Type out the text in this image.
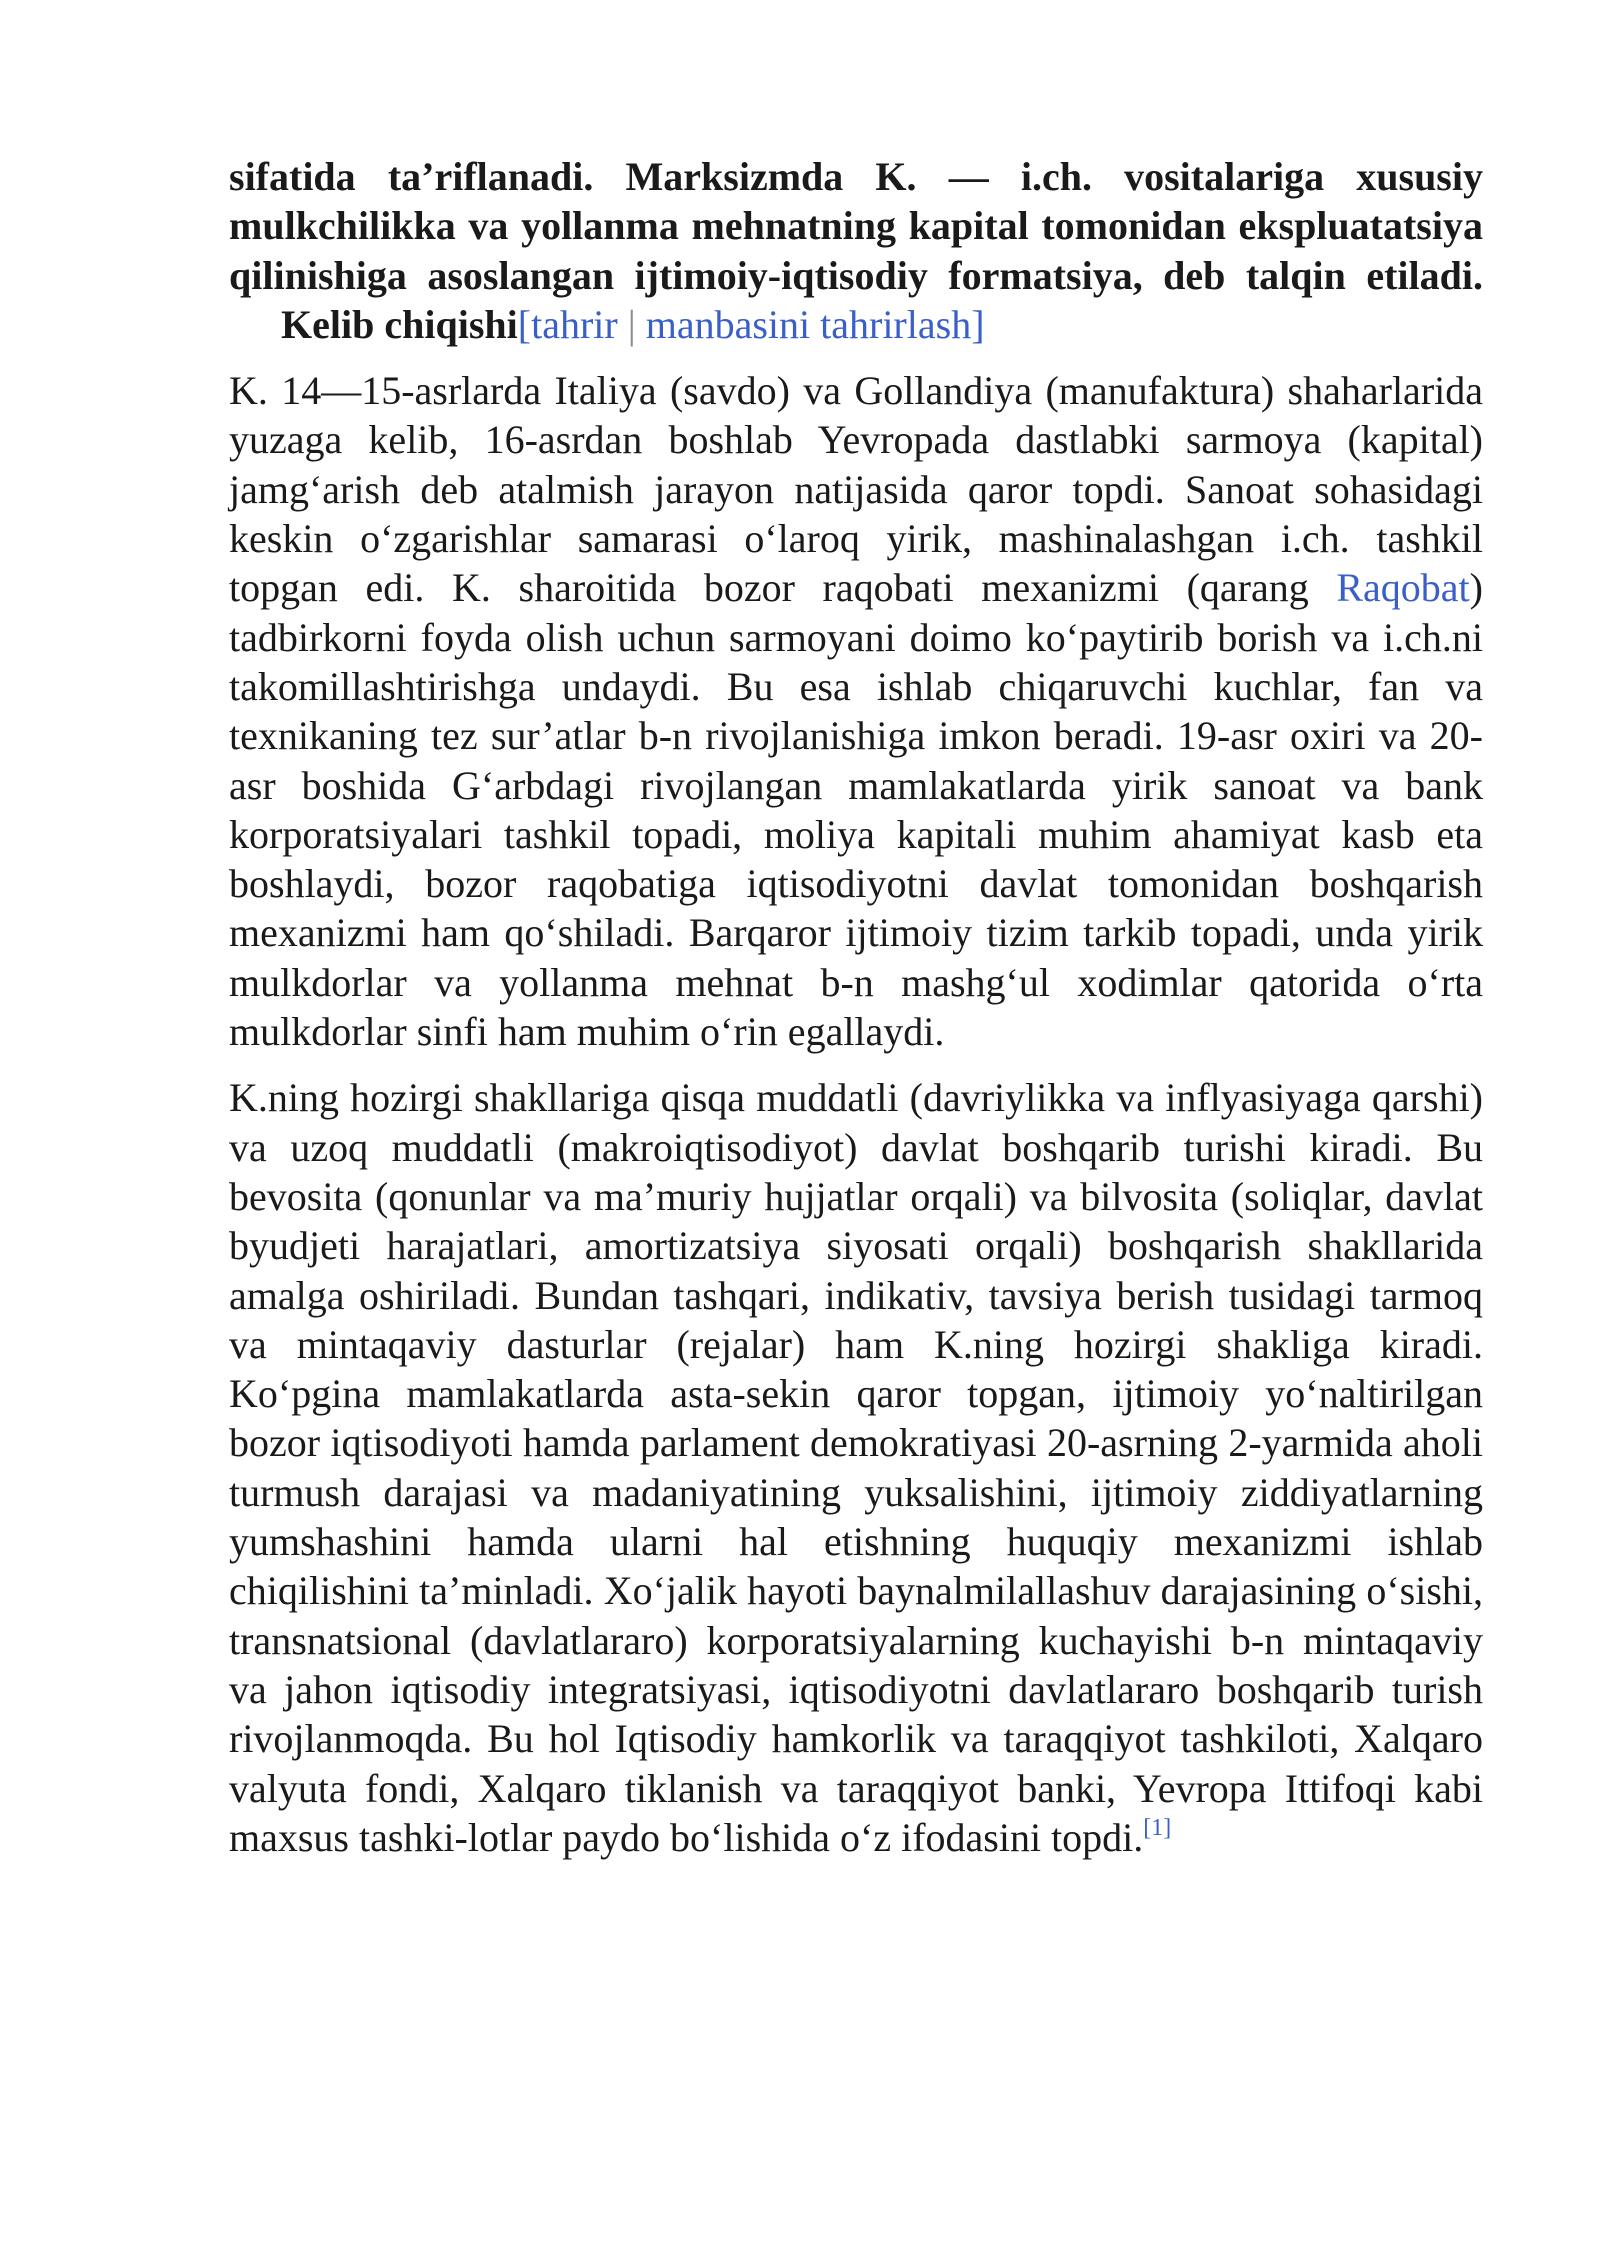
sifatida ta’riflanadi. Marksizmda K. — i.ch. vositalariga xususiy mulkchilikka va yollanma mehnatning kapital tomonidan ekspluatatsiya qilinishiga asoslangan ijtimoiy-iqtisodiy formatsiya, deb talqin etiladi. Kelib chiqishi[tahrir | manbasini tahrirlash]

K. 14—15-asrlarda Italiya (savdo) va Gollandiya (manufaktura) shaharlarida yuzaga kelib, 16-asrdan boshlab Yevropada dastlabki sarmoya (kapital) jamg‘arish deb atalmish jarayon natijasida qaror topdi. Sanoat sohasidagi keskin o‘zgarishlar samarasi o‘laroq yirik, mashinalashgan i.ch. tashkil topgan edi. K. sharoitida bozor raqobati mexanizmi (qarang Raqobat) tadbirkorni foyda olish uchun sarmoyani doimo ko‘paytirib borish va i.ch.ni takomillashtirishga undaydi. Bu esa ishlab chiqaruvchi kuchlar, fan va texnikaning tez sur’atlar b-n rivojlanishiga imkon beradi. 19-asr oxiri va 20-asr boshida G‘arbdagi rivojlangan mamlakatlarda yirik sanoat va bank korporatsiyalari tashkil topadi, moliya kapitali muhim ahamiyat kasb eta boshlaydi, bozor raqobatiga iqtisodiyotni davlat tomonidan boshqarish mexanizmi ham qo‘shiladi. Barqaror ijtimoiy tizim tarkib topadi, unda yirik mulkdorlar va yollanma mehnat b-n mashg‘ul xodimlar qatorida o‘rta mulkdorlar sinfi ham muhim o‘rin egallaydi.

K.ning hozirgi shakllariga qisqa muddatli (davriylikka va inflyasiyaga qarshi) va uzoq muddatli (makroiqtisodiyot) davlat boshqarib turishi kiradi. Bu bevosita (qonunlar va ma’muriy hujjatlar orqali) va bilvosita (soliqlar, davlat byudjeti harajatlari, amortizatsiya siyosati orqali) boshqarish shakllarida amalga oshiriladi. Bundan tashqari, indikativ, tavsiya berish tusidagi tarmoq va mintaqaviy dasturlar (rejalar) ham K.ning hozirgi shakliga kiradi. Ko‘pgina mamlakatlarda asta-sekin qaror topgan, ijtimoiy yo‘naltirilgan bozor iqtisodiyoti hamda parlament demokratiyasi 20-asrning 2-yarmida aholi turmush darajasi va madaniyatining yuksalishini, ijtimoiy ziddiyatlarning yumshashini hamda ularni hal etishning huquqiy mexanizmi ishlab chiqilishini ta’minladi. Xo‘jalik hayoti baynalmilallashuv darajasining o‘sishi, transnatsional (davlatlararo) korporatsiyalarning kuchayishi b-n mintaqaviy va jahon iqtisodiy integratsiyasi, iqtisodiyotni davlatlararo boshqarib turish rivojlanmoqda. Bu hol Iqtisodiy hamkorlik va taraqqiyot tashkiloti, Xalqaro valyuta fondi, Xalqaro tiklanish va taraqqiyot banki, Yevropa Ittifoqi kabi maxsus tashki-lotlar paydo bo‘lishida o‘z ifodasini topdi.[1]
